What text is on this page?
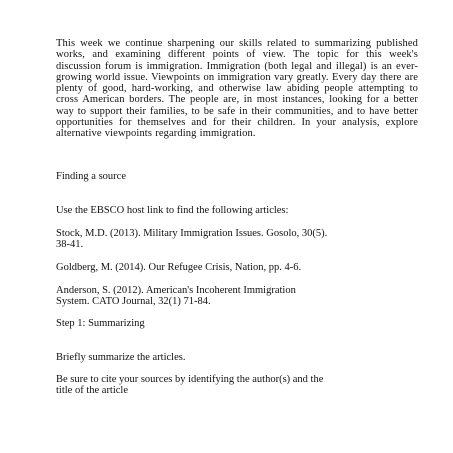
This week we continue sharpening our skills related to summarizing published works, and examining different points of view. The topic for this week's discussion forum is immigration. Immigration (both legal and illegal) is an ever-growing world issue. Viewpoints on immigration vary greatly. Every day there are plenty of good, hard-working, and otherwise law abiding people attempting to cross American borders. The people are, in most instances, looking for a better way to support their families, to be safe in their communities, and to have better opportunities for themselves and for their children. In your analysis, explore alternative viewpoints regarding immigration.

Finding a source

Use the EBSCO host link to find the following articles:

Stock, M.D. (2013). Military Immigration Issues. Gosolo, 30(5).
38-41.
Goldberg, M. (2014). Our Refugee Crisis, Nation, pp. 4-6.
Anderson, S. (2012). American's Incoherent Immigration
System. CATO Journal, 32(1) 71-84.

Step 1: Summarizing

Briefly summarize the articles.

Be sure to cite your sources by identifying the author(s) and the
title of the article
